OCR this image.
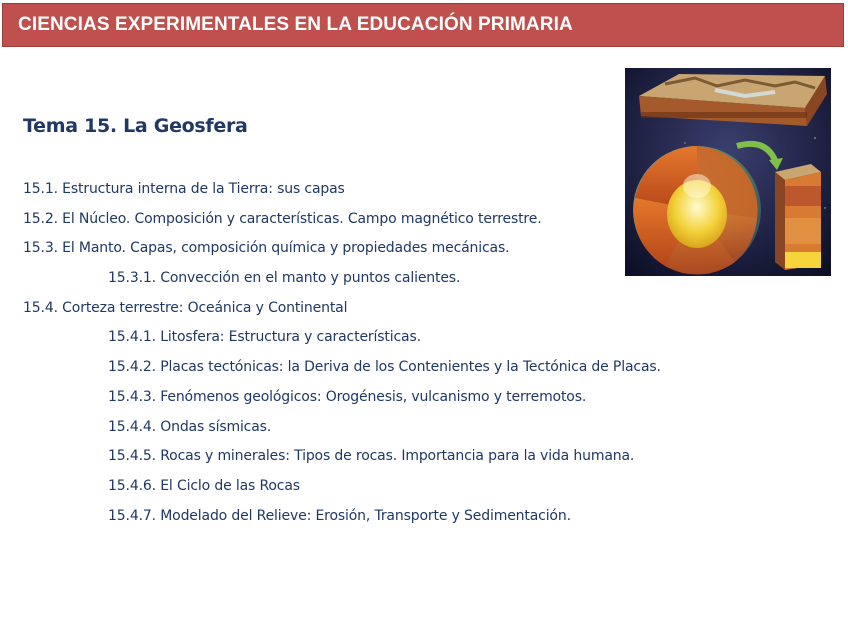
CIENCIAS EXPERIMENTALES EN LA EDUCACIÓN PRIMARIA
Tema 15. La Geosfera
15.1. Estructura interna de la Tierra: sus capas
15.2. El Núcleo. Composición y características. Campo magnético terrestre.
15.3. El Manto. Capas, composición química y propiedades mecánicas.
15.3.1. Convección en el manto y puntos calientes.
15.4. Corteza terrestre: Oceánica y Continental
15.4.1. Litosfera: Estructura y características.
15.4.2. Placas tectónicas: la Deriva de los Contenientes y la Tectónica de Placas.
15.4.3. Fenómenos geológicos: Orogénesis, vulcanismo y terremotos.
15.4.4. Ondas sísmicas.
15.4.5. Rocas y minerales: Tipos de rocas. Importancia para la vida humana.
15.4.6. El Ciclo de las Rocas
15.4.7. Modelado del Relieve: Erosión, Transporte y Sedimentación.
